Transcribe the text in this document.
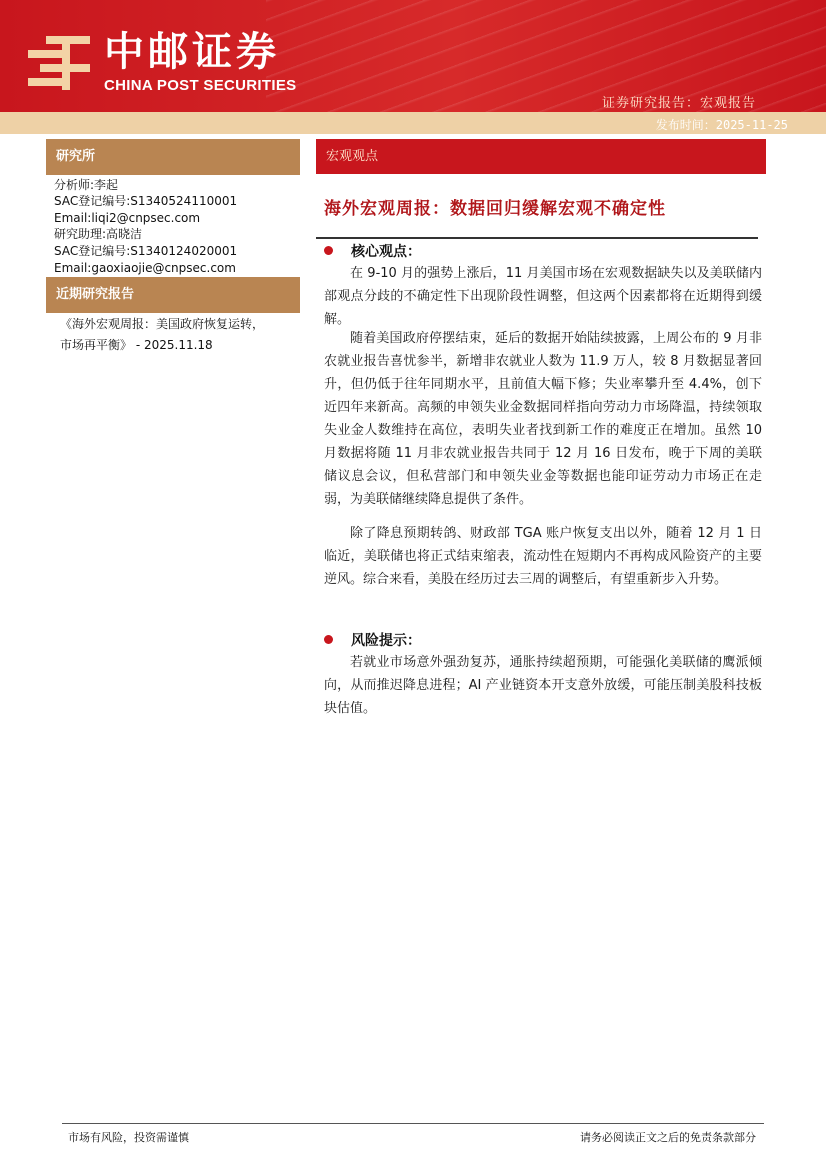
中邮证券
CHINA POST SECURITIES
证券研究报告：宏观报告
发布时间：2025-11-25
研究所
分析师:李起
SAC登记编号:S1340524110001
Email:liqi2@cnpsec.com
研究助理:高晓洁
SAC登记编号:S1340124020001
Email:gaoxiaojie@cnpsec.com
近期研究报告
《海外宏观周报：美国政府恢复运转，
市场再平衡》 - 2025.11.18
宏观观点
海外宏观周报：数据回归缓解宏观不确定性
核心观点：

在 9-10 月的强势上涨后，11 月美国市场在宏观数据缺失以及美联储内部观点分歧的不确定性下出现阶段性调整，但这两个因素都将在近期得到缓解。

随着美国政府停摆结束，延后的数据开始陆续披露，上周公布的 9 月非农就业报告喜忧参半，新增非农就业人数为 11.9 万人，较 8 月数据显著回升，但仍低于往年同期水平，且前值大幅下修；失业率攀升至 4.4%，创下近四年来新高。高频的申领失业金数据同样指向劳动力市场降温，持续领取失业金人数维持在高位，表明失业者找到新工作的难度正在增加。虽然 10 月数据将随 11 月非农就业报告共同于 12 月 16 日发布，晚于下周的美联储议息会议，但私营部门和申领失业金等数据也能印证劳动力市场正在走弱，为美联储继续降息提供了条件。

除了降息预期转鸽、财政部 TGA 账户恢复支出以外，随着 12 月 1 日临近，美联储也将正式结束缩表，流动性在短期内不再构成风险资产的主要逆风。综合来看，美股在经历过去三周的调整后，有望重新步入升势。

风险提示：

若就业市场意外强劲复苏，通胀持续超预期，可能强化美联储的鹰派倾向，从而推迟降息进程；AI 产业链资本开支意外放缓，可能压制美股科技板块估值。

市场有风险，投资需谨慎	请务必阅读正文之后的免责条款部分
